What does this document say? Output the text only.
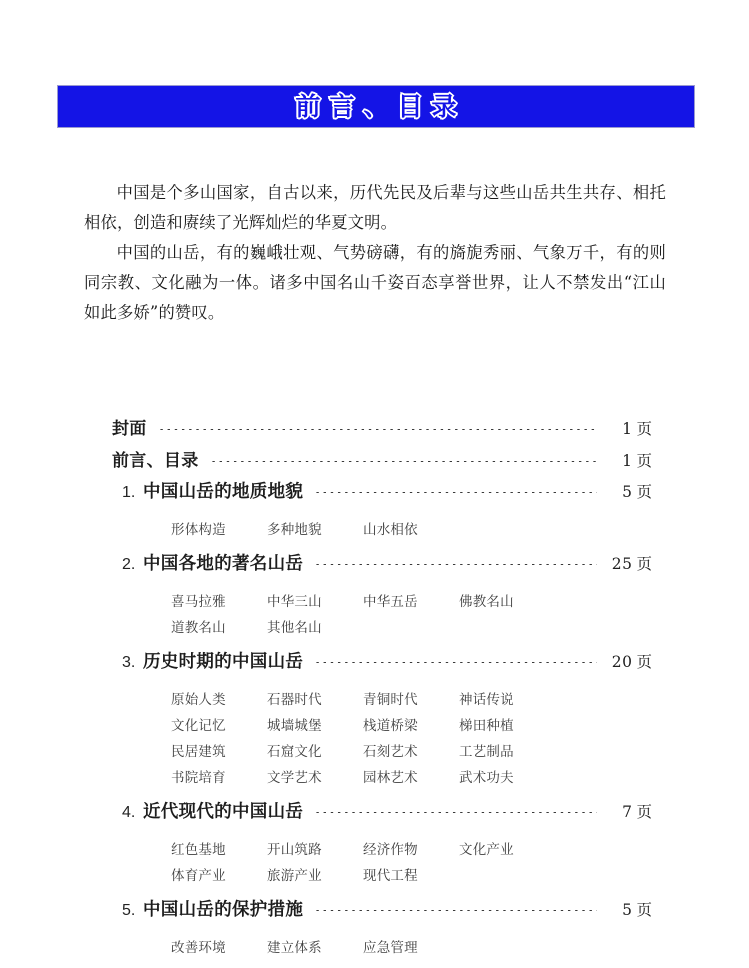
前言、目录

中国是个多山国家，自古以来，历代先民及后辈与这些山岳共生共存、相托相依，创造和赓续了光辉灿烂的华夏文明。

中国的山岳，有的巍峨壮观、气势磅礴，有的旖旎秀丽、气象万千，有的则同宗教、文化融为一体。诸多中国名山千姿百态享誉世界，让人不禁发出“江山如此多娇”的赞叹。

封面	1 页
前言、目录	1 页
1. 中国山岳的地质地貌	5 页
形体构造	多种地貌	山水相依
2. 中国各地的著名山岳	25 页
喜马拉雅	中华三山	中华五岳	佛教名山
道教名山	其他名山
3. 历史时期的中国山岳	20 页
原始人类	石器时代	青铜时代	神话传说
文化记忆	城墙城堡	栈道桥梁	梯田种植
民居建筑	石窟文化	石刻艺术	工艺制品
书院培育	文学艺术	园林艺术	武术功夫
4. 近代现代的中国山岳	7 页
红色基地	开山筑路	经济作物	文化产业
体育产业	旅游产业	现代工程
5. 中国山岳的保护措施	5 页
改善环境	建立体系	应急管理
